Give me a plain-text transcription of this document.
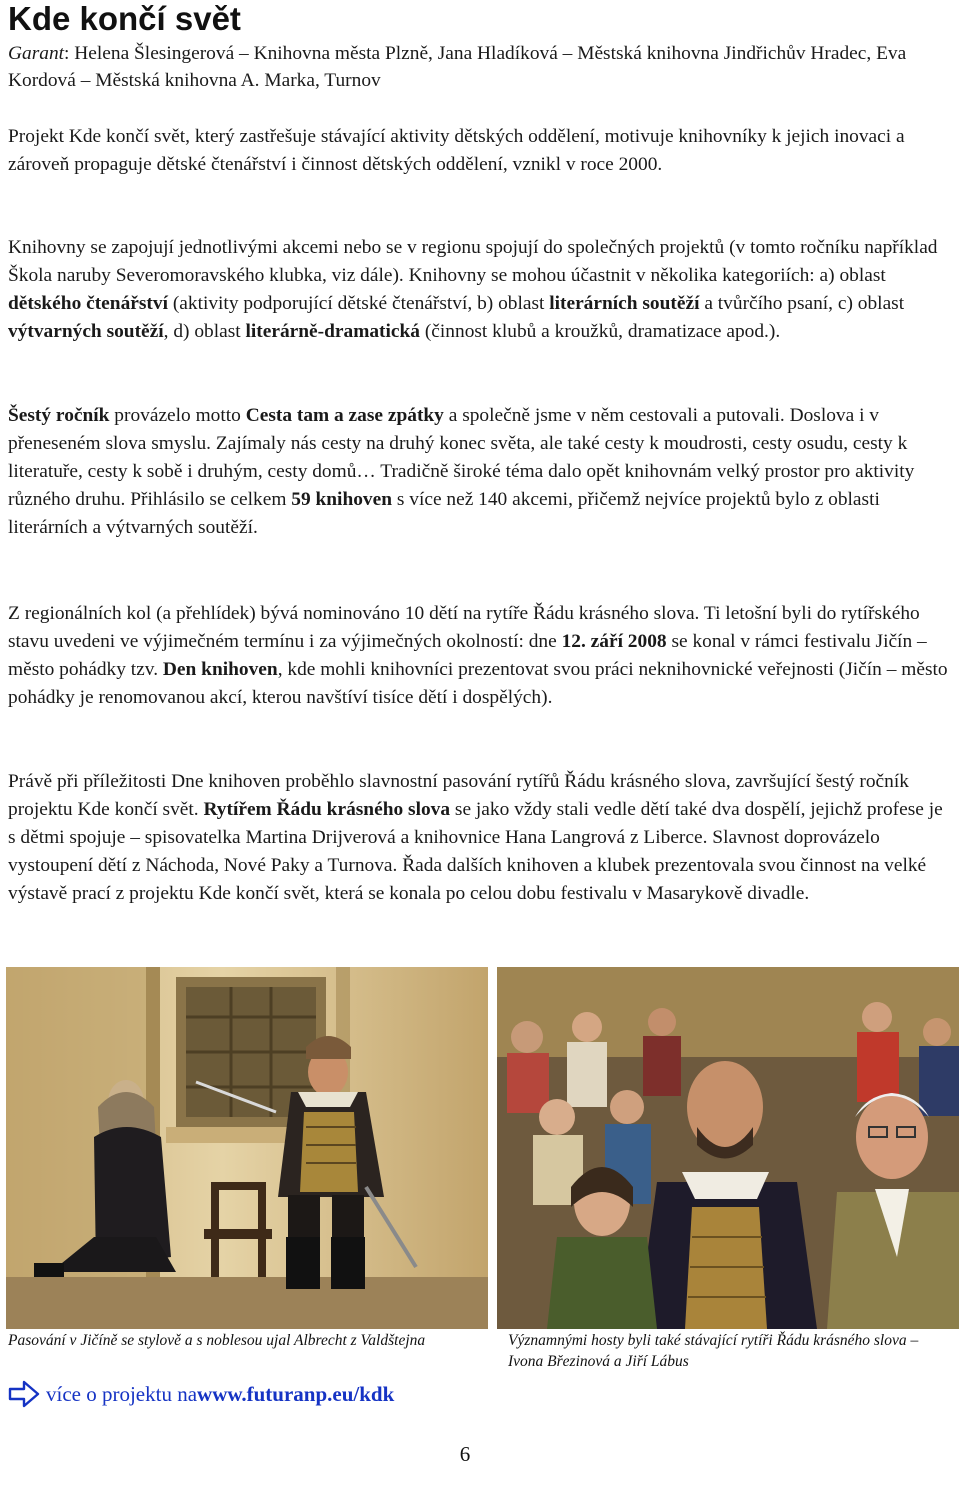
Kde končí svět

Garant: Helena Šlesingerová – Knihovna města Plzně, Jana Hladíková – Městská knihovna Jindřichův Hradec, Eva Kordová – Městská knihovna A. Marka, Turnov

Projekt Kde končí svět, který zastřešuje stávající aktivity dětských oddělení, motivuje knihovníky k jejich inovaci a zároveň propaguje dětské čtenářství i činnost dětských oddělení, vznikl v roce 2000.

Knihovny se zapojují jednotlivými akcemi nebo se v regionu spojují do společných projektů (v tomto ročníku například Škola naruby Severomoravského klubka, viz dále). Knihovny se mohou účastnit v několika kategoriích: a) oblast dětského čtenářství (aktivity podporující dětské čtenářství, b) oblast literárních soutěží a tvůrčího psaní, c) oblast výtvarných soutěží, d) oblast literárně-dramatická (činnost klubů a kroužků, dramatizace apod.).

Šestý ročník provázelo motto Cesta tam a zase zpátky a společně jsme v něm cestovali a putovali. Doslova i v přeneseném slova smyslu. Zajímaly nás cesty na druhý konec světa, ale také cesty k moudrosti, cesty osudu, cesty k literatuře, cesty k sobě i druhým, cesty domů… Tradičně široké téma dalo opět knihovnám velký prostor pro aktivity různého druhu. Přihlásilo se celkem 59 knihoven s více než 140 akcemi, přičemž nejvíce projektů bylo z oblasti literárních a výtvarných soutěží.

Z regionálních kol (a přehlídek) bývá nominováno 10 dětí na rytíře Řádu krásného slova. Ti letošní byli do rytířského stavu uvedeni ve výjimečném termínu i za výjimečných okolností: dne 12. září 2008 se konal v rámci festivalu Jičín – město pohádky tzv. Den knihoven, kde mohli knihovníci prezentovat svou práci neknihovnické veřejnosti (Jičín – město pohádky je renomovanou akcí, kterou navštíví tisíce dětí i dospělých).

Právě při příležitosti Dne knihoven proběhlo slavnostní pasování rytířů Řádu krásného slova, završující šestý ročník projektu Kde končí svět. Rytířem Řádu krásného slova se jako vždy stali vedle dětí také dva dospělí, jejichž profese je s dětmi spojuje – spisovatelka Martina Drijverová a knihovnice Hana Langrová z Liberce. Slavnost doprovázelo vystoupení dětí z Náchoda, Nové Paky a Turnova. Řada dalších knihoven a klubek prezentovala svou činnost na velké výstavě prací z projektu Kde končí svět, která se konala po celou dobu festivalu v Masarykově divadle.

Pasování v Jičíně se stylově a s noblesou ujal Albrecht z Valdštejna	Významnými hosty byli také stávající rytíři Řádu krásného slova – Ivona Březinová a Jiří Lábus

více o projektu na www.futuranp.eu/kdk
6
